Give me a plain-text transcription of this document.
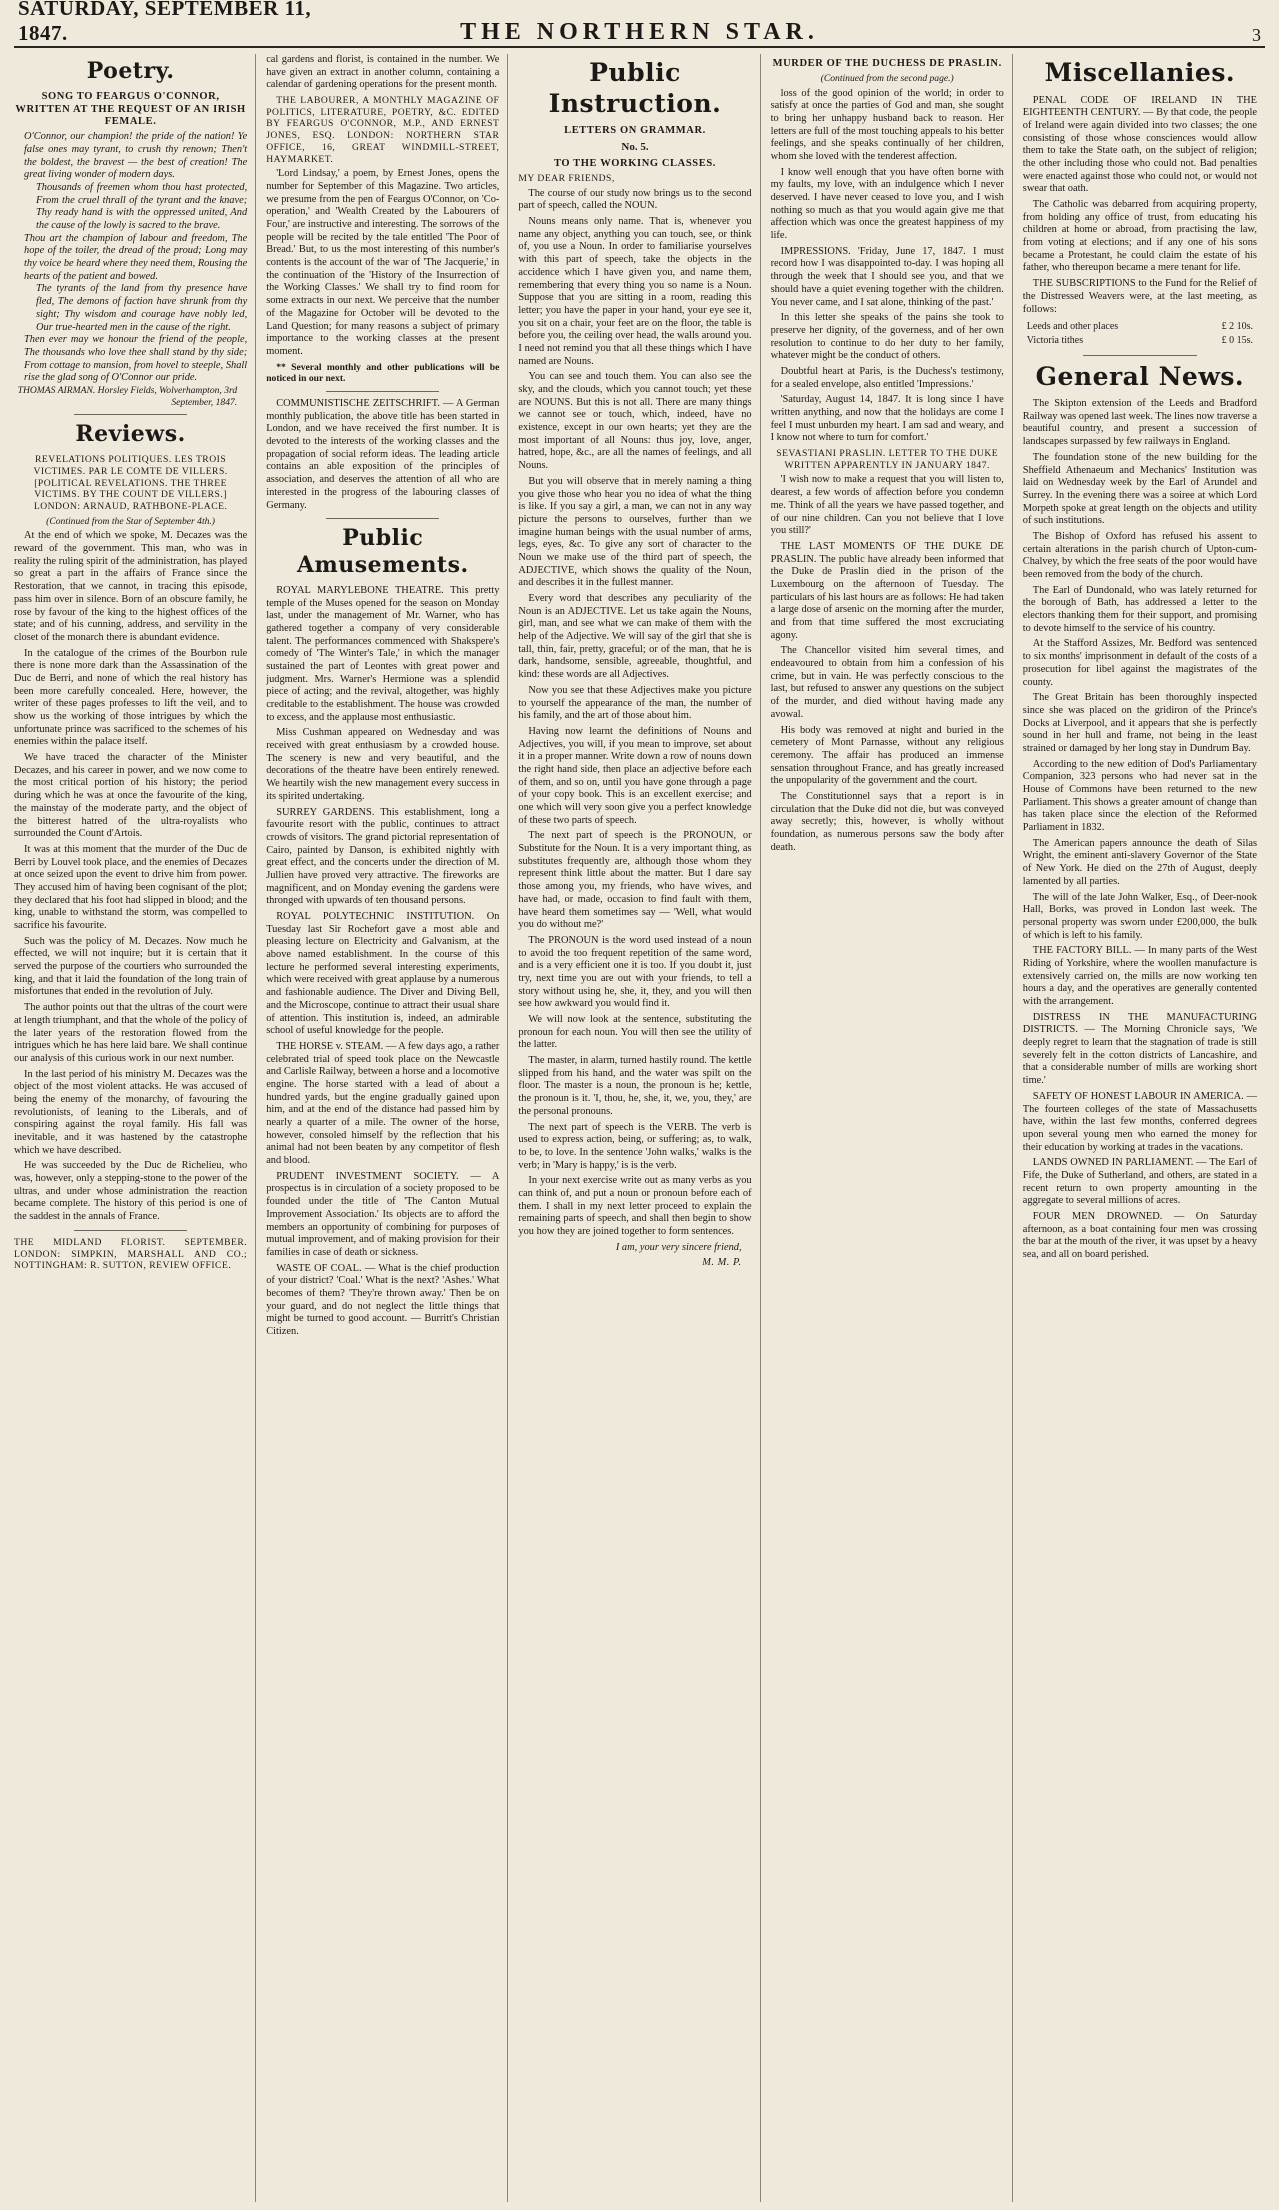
SATURDAY, SEPTEMBER 11, 1847.	THE NORTHERN STAR.	3
Poetry.
SONG TO FEARGUS O'CONNOR, WRITTEN AT THE REQUEST OF AN IRISH FEMALE.

O'Connor, our champion! the pride of the nation! Ye false ones may tyrant, to crush thy renown; Then't the boldest, the bravest — the best of creation! The great living wonder of modern days.

Thousands of freemen whom thou hast protected, From the cruel thrall of the tyrant and the knave; Thy ready hand is with the oppressed united, And the cause of the lowly is sacred to the brave.

Thou art the champion of labour and freedom, The hope of the toiler, the dread of the proud; Long may thy voice be heard where they need them, Rousing the hearts of the patient and bowed.

The tyrants of the land from thy presence have fled, The demons of faction have shrunk from thy sight; Thy wisdom and courage have nobly led, Our true-hearted men in the cause of the right.

Then ever may we honour the friend of the people, The thousands who love thee shall stand by thy side; From cottage to mansion, from hovel to steeple, Shall rise the glad song of O'Connor our pride.

THOMAS AIRMAN. Horsley Fields, Wolverhampton, 3rd September, 1847.

Reviews.

REVELATIONS POLITIQUES. LES TROIS VICTIMES. PAR LE COMTE DE VILLERS. [POLITICAL REVELATIONS. THE THREE VICTIMS. BY THE COUNT DE VILLERS.] LONDON: ARNAUD, RATHBONE-PLACE.

(Continued from the Star of September 4th.)

At the end of which we spoke, M. Decazes was the reward of the government. This man, who was in reality the ruling spirit of the administration, has played so great a part in the affairs of France since the Restoration, that we cannot, in tracing this episode, pass him over in silence. Born of an obscure family, he rose by favour of the king to the highest offices of the state; and of his cunning, address, and servility in the closet of the monarch there is abundant evidence.

In the catalogue of the crimes of the Bourbon rule there is none more dark than the Assassination of the Duc de Berri, and none of which the real history has been more carefully concealed. Here, however, the writer of these pages professes to lift the veil, and to show us the working of those intrigues by which the unfortunate prince was sacrificed to the schemes of his enemies within the palace itself.

We have traced the character of the Minister Decazes, and his career in power, and we now come to the most critical portion of his history; the period during which he was at once the favourite of the king, the mainstay of the moderate party, and the object of the bitterest hatred of the ultra-royalists who surrounded the Count d'Artois.

It was at this moment that the murder of the Duc de Berri by Louvel took place, and the enemies of Decazes at once seized upon the event to drive him from power. They accused him of having been cognisant of the plot; they declared that his foot had slipped in blood; and the king, unable to withstand the storm, was compelled to sacrifice his favourite.

Such was the policy of M. Decazes. Now much he effected, we will not inquire; but it is certain that it served the purpose of the courtiers who surrounded the king, and that it laid the foundation of the long train of misfortunes that ended in the revolution of July.

The author points out that the ultras of the court were at length triumphant, and that the whole of the policy of the later years of the restoration flowed from the intrigues which he has here laid bare. We shall continue our analysis of this curious work in our next number.

In the last period of his ministry M. Decazes was the object of the most violent attacks. He was accused of being the enemy of the monarchy, of favouring the revolutionists, of leaning to the Liberals, and of conspiring against the royal family. His fall was inevitable, and it was hastened by the catastrophe which we have described.

He was succeeded by the Duc de Richelieu, who was, however, only a stepping-stone to the power of the ultras, and under whose administration the reaction became complete. The history of this period is one of the saddest in the annals of France.

THE MIDLAND FLORIST. SEPTEMBER. LONDON: SIMPKIN, MARSHALL AND CO.; NOTTINGHAM: R. SUTTON, REVIEW OFFICE.

cal gardens and florist, is contained in the number. We have given an extract in another column, containing a calendar of gardening operations for the present month.

THE LABOURER, A MONTHLY MAGAZINE OF POLITICS, LITERATURE, POETRY, &C. EDITED BY FEARGUS O'CONNOR, M.P., AND ERNEST JONES, ESQ. LONDON: NORTHERN STAR OFFICE, 16, GREAT WINDMILL-STREET, HAYMARKET.

'Lord Lindsay,' a poem, by Ernest Jones, opens the number for September of this Magazine. Two articles, we presume from the pen of Feargus O'Connor, on 'Co-operation,' and 'Wealth Created by the Labourers of Four,' are instructive and interesting. The sorrows of the people will be recited by the tale entitled 'The Poor of Bread.' But, to us the most interesting of this number's contents is the account of the war of 'The Jacquerie,' in the continuation of the 'History of the Insurrection of the Working Classes.' We shall try to find room for some extracts in our next. We perceive that the number of the Magazine for October will be devoted to the Land Question; for many reasons a subject of primary importance to the working classes at the present moment.

** Several monthly and other publications will be noticed in our next.

COMMUNISTISCHE ZEITSCHRIFT. — A German monthly publication, the above title has been started in London, and we have received the first number. It is devoted to the interests of the working classes and the propagation of social reform ideas. The leading article contains an able exposition of the principles of association, and deserves the attention of all who are interested in the progress of the labouring classes of Germany.

Public Amusements.

ROYAL MARYLEBONE THEATRE. This pretty temple of the Muses opened for the season on Monday last, under the management of Mr. Warner, who has gathered together a company of very considerable talent. The performances commenced with Shakspere's comedy of 'The Winter's Tale,' in which the manager sustained the part of Leontes with great power and judgment. Mrs. Warner's Hermione was a splendid piece of acting; and the revival, altogether, was highly creditable to the establishment. The house was crowded to excess, and the applause most enthusiastic.

Miss Cushman appeared on Wednesday and was received with great enthusiasm by a crowded house. The scenery is new and very beautiful, and the decorations of the theatre have been entirely renewed. We heartily wish the new management every success in its spirited undertaking.

SURREY GARDENS. This establishment, long a favourite resort with the public, continues to attract crowds of visitors. The grand pictorial representation of Cairo, painted by Danson, is exhibited nightly with great effect, and the concerts under the direction of M. Jullien have proved very attractive. The fireworks are magnificent, and on Monday evening the gardens were thronged with upwards of ten thousand persons.

ROYAL POLYTECHNIC INSTITUTION. On Tuesday last Sir Rochefort gave a most able and pleasing lecture on Electricity and Galvanism, at the above named establishment. In the course of this lecture he performed several interesting experiments, which were received with great applause by a numerous and fashionable audience. The Diver and Diving Bell, and the Microscope, continue to attract their usual share of attention. This institution is, indeed, an admirable school of useful knowledge for the people.

THE HORSE v. STEAM. — A few days ago, a rather celebrated trial of speed took place on the Newcastle and Carlisle Railway, between a horse and a locomotive engine. The horse started with a lead of about a hundred yards, but the engine gradually gained upon him, and at the end of the distance had passed him by nearly a quarter of a mile. The owner of the horse, however, consoled himself by the reflection that his animal had not been beaten by any competitor of flesh and blood.

PRUDENT INVESTMENT SOCIETY. — A prospectus is in circulation of a society proposed to be founded under the title of 'The Canton Mutual Improvement Association.' Its objects are to afford the members an opportunity of combining for purposes of mutual improvement, and of making provision for their families in case of death or sickness.

WASTE OF COAL. — What is the chief production of your district? 'Coal.' What is the next? 'Ashes.' What becomes of them? 'They're thrown away.' Then be on your guard, and do not neglect the little things that might be turned to good account. — Burritt's Christian Citizen.

Public Instruction.
LETTERS ON GRAMMAR.
No. 5.
TO THE WORKING CLASSES.

MY DEAR FRIENDS,

The course of our study now brings us to the second part of speech, called the NOUN.

Nouns means only name. That is, whenever you name any object, anything you can touch, see, or think of, you use a Noun. In order to familiarise yourselves with this part of speech, take the objects in the accidence which I have given you, and name them, remembering that every thing you so name is a Noun. Suppose that you are sitting in a room, reading this letter; you have the paper in your hand, your eye see it, you sit on a chair, your feet are on the floor, the table is before you, the ceiling over head, the walls around you. I need not remind you that all these things which I have named are Nouns.

You can see and touch them. You can also see the sky, and the clouds, which you cannot touch; yet these are NOUNS. But this is not all. There are many things we cannot see or touch, which, indeed, have no existence, except in our own hearts; yet they are the most important of all Nouns: thus joy, love, anger, hatred, hope, &c., are all the names of feelings, and all Nouns.

But you will observe that in merely naming a thing you give those who hear you no idea of what the thing is like. If you say a girl, a man, we can not in any way picture the persons to ourselves, further than we imagine human beings with the usual number of arms, legs, eyes, &c. To give any sort of character to the Noun we make use of the third part of speech, the ADJECTIVE, which shows the quality of the Noun, and describes it in the fullest manner.

Every word that describes any peculiarity of the Noun is an ADJECTIVE. Let us take again the Nouns, girl, man, and see what we can make of them with the help of the Adjective. We will say of the girl that she is tall, thin, fair, pretty, graceful; or of the man, that he is dark, handsome, sensible, agreeable, thoughtful, and kind: these words are all Adjectives.

Now you see that these Adjectives make you picture to yourself the appearance of the man, the number of his family, and the art of those about him.

Having now learnt the definitions of Nouns and Adjectives, you will, if you mean to improve, set about it in a proper manner. Write down a row of nouns down the right hand side, then place an adjective before each of them, and so on, until you have gone through a page of your copy book. This is an excellent exercise; and one which will very soon give you a perfect knowledge of these two parts of speech.

The next part of speech is the PRONOUN, or Substitute for the Noun. It is a very important thing, as substitutes frequently are, although those whom they represent think little about the matter. But I dare say those among you, my friends, who have wives, and have had, or made, occasion to find fault with them, have heard them sometimes say — 'Well, what would you do without me?'

The PRONOUN is the word used instead of a noun to avoid the too frequent repetition of the same word, and is a very efficient one it is too. If you doubt it, just try, next time you are out with your friends, to tell a story without using he, she, it, they, and you will then see how awkward you would find it.

We will now look at the sentence, substituting the pronoun for each noun. You will then see the utility of the latter.

The master, in alarm, turned hastily round. The kettle slipped from his hand, and the water was spilt on the floor. The master is a noun, the pronoun is he; kettle, the pronoun is it. 'I, thou, he, she, it, we, you, they,' are the personal pronouns.

The next part of speech is the VERB. The verb is used to express action, being, or suffering; as, to walk, to be, to love. In the sentence 'John walks,' walks is the verb; in 'Mary is happy,' is is the verb.

In your next exercise write out as many verbs as you can think of, and put a noun or pronoun before each of them. I shall in my next letter proceed to explain the remaining parts of speech, and shall then begin to show you how they are joined together to form sentences.

I am, your very sincere friend,

M. M. P.

MURDER OF THE DUCHESS DE PRASLIN.

(Continued from the second page.)

loss of the good opinion of the world; in order to satisfy at once the parties of God and man, she sought to bring her unhappy husband back to reason. Her letters are full of the most touching appeals to his better feelings, and she speaks continually of her children, whom she loved with the tenderest affection.

I know well enough that you have often borne with my faults, my love, with an indulgence which I never deserved. I have never ceased to love you, and I wish nothing so much as that you would again give me that affection which was once the greatest happiness of my life.

IMPRESSIONS. 'Friday, June 17, 1847. I must record how I was disappointed to-day. I was hoping all through the week that I should see you, and that we should have a quiet evening together with the children. You never came, and I sat alone, thinking of the past.'

In this letter she speaks of the pains she took to preserve her dignity, of the governess, and of her own resolution to continue to do her duty to her family, whatever might be the conduct of others.

Doubtful heart at Paris, is the Duchess's testimony, for a sealed envelope, also entitled 'Impressions.'

'Saturday, August 14, 1847. It is long since I have written anything, and now that the holidays are come I feel I must unburden my heart. I am sad and weary, and I know not where to turn for comfort.'

SEVASTIANI PRASLIN. LETTER TO THE DUKE WRITTEN APPARENTLY IN JANUARY 1847.

'I wish now to make a request that you will listen to, dearest, a few words of affection before you condemn me. Think of all the years we have passed together, and of our nine children. Can you not believe that I love you still?'

THE LAST MOMENTS OF THE DUKE DE PRASLIN. The public have already been informed that the Duke de Praslin died in the prison of the Luxembourg on the afternoon of Tuesday. The particulars of his last hours are as follows: He had taken a large dose of arsenic on the morning after the murder, and from that time suffered the most excruciating agony.

The Chancellor visited him several times, and endeavoured to obtain from him a confession of his crime, but in vain. He was perfectly conscious to the last, but refused to answer any questions on the subject of the murder, and died without having made any avowal.

His body was removed at night and buried in the cemetery of Mont Parnasse, without any religious ceremony. The affair has produced an immense sensation throughout France, and has greatly increased the unpopularity of the government and the court.

The Constitutionnel says that a report is in circulation that the Duke did not die, but was conveyed away secretly; this, however, is wholly without foundation, as numerous persons saw the body after death.

Miscellanies.

PENAL CODE OF IRELAND IN THE EIGHTEENTH CENTURY. — By that code, the people of Ireland were again divided into two classes; the one consisting of those whose consciences would allow them to take the State oath, on the subject of religion; the other including those who could not. Bad penalties were enacted against those who could not, or would not swear that oath.

The Catholic was debarred from acquiring property, from holding any office of trust, from educating his children at home or abroad, from practising the law, from voting at elections; and if any one of his sons became a Protestant, he could claim the estate of his father, who thereupon became a mere tenant for life.

THE SUBSCRIPTIONS to the Fund for the Relief of the Distressed Weavers were, at the last meeting, as follows:

Leeds and other places	£ 2 10s.
Victoria tithes	£ 0 15s.
General News.

The Skipton extension of the Leeds and Bradford Railway was opened last week. The lines now traverse a beautiful country, and present a succession of landscapes surpassed by few railways in England.

The foundation stone of the new building for the Sheffield Athenaeum and Mechanics' Institution was laid on Wednesday week by the Earl of Arundel and Surrey. In the evening there was a soiree at which Lord Morpeth spoke at great length on the objects and utility of such institutions.

The Bishop of Oxford has refused his assent to certain alterations in the parish church of Upton-cum-Chalvey, by which the free seats of the poor would have been removed from the body of the church.

The Earl of Dundonald, who was lately returned for the borough of Bath, has addressed a letter to the electors thanking them for their support, and promising to devote himself to the service of his country.

At the Stafford Assizes, Mr. Bedford was sentenced to six months' imprisonment in default of the costs of a prosecution for libel against the magistrates of the county.

The Great Britain has been thoroughly inspected since she was placed on the gridiron of the Prince's Docks at Liverpool, and it appears that she is perfectly sound in her hull and frame, not being in the least strained or damaged by her long stay in Dundrum Bay.

According to the new edition of Dod's Parliamentary Companion, 323 persons who had never sat in the House of Commons have been returned to the new Parliament. This shows a greater amount of change than has taken place since the election of the Reformed Parliament in 1832.

The American papers announce the death of Silas Wright, the eminent anti-slavery Governor of the State of New York. He died on the 27th of August, deeply lamented by all parties.

The will of the late John Walker, Esq., of Deer-nook Hall, Borks, was proved in London last week. The personal property was sworn under £200,000, the bulk of which is left to his family.

THE FACTORY BILL. — In many parts of the West Riding of Yorkshire, where the woollen manufacture is extensively carried on, the mills are now working ten hours a day, and the operatives are generally contented with the arrangement.

DISTRESS IN THE MANUFACTURING DISTRICTS. — The Morning Chronicle says, 'We deeply regret to learn that the stagnation of trade is still severely felt in the cotton districts of Lancashire, and that a considerable number of mills are working short time.'

SAFETY OF HONEST LABOUR IN AMERICA. — The fourteen colleges of the state of Massachusetts have, within the last few months, conferred degrees upon several young men who earned the money for their education by working at trades in the vacations.

LANDS OWNED IN PARLIAMENT. — The Earl of Fife, the Duke of Sutherland, and others, are stated in a recent return to own property amounting in the aggregate to several millions of acres.

FOUR MEN DROWNED. — On Saturday afternoon, as a boat containing four men was crossing the bar at the mouth of the river, it was upset by a heavy sea, and all on board perished.
